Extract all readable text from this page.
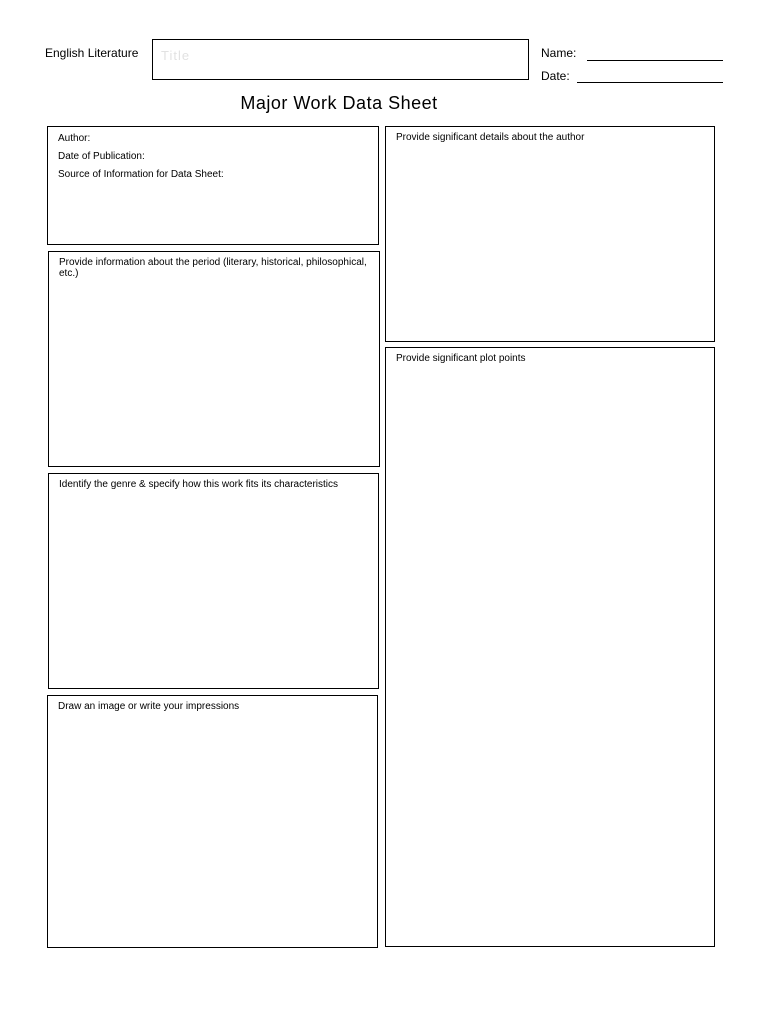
English Literature
Title	Name:
Date:
Major Work Data Sheet
Author:
Date of Publication:
Source of Information for Data Sheet:
Provide information about the period (literary, historical, philosophical, etc.)
Identify the genre & specify how this work fits its characteristics
Draw an image or write your impressions
Provide significant details about the author
Provide significant plot points
